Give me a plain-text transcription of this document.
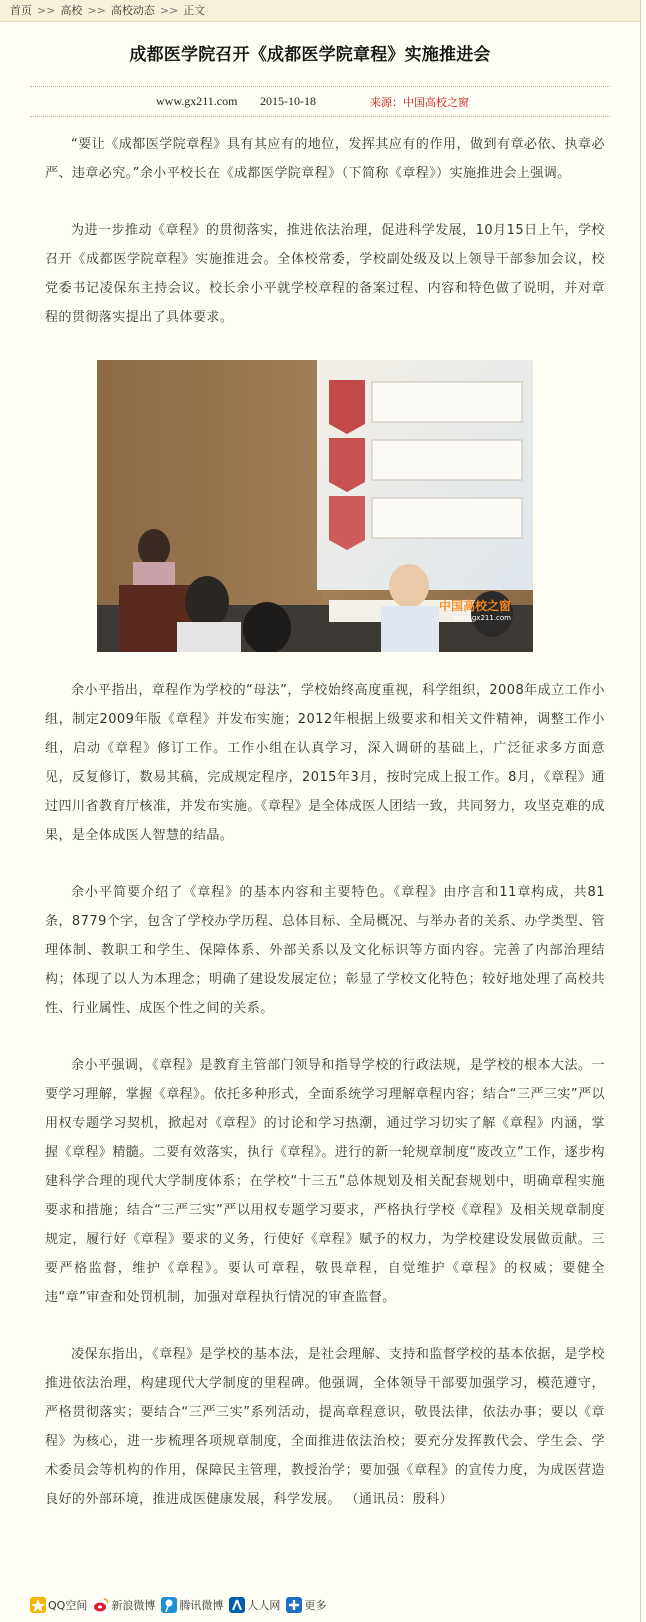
首页 >> 高校 >> 高校动态 >> 正文
成都医学院召开《成都医学院章程》实施推进会
www.gx211.com 2015-10-18	来源：中国高校之窗

“要让《成都医学院章程》具有其应有的地位，发挥其应有的作用，做到有章必依、执章必严、违章必究。”余小平校长在《成都医学院章程》（下简称《章程》）实施推进会上强调。

为进一步推动《章程》的贯彻落实，推进依法治理，促进科学发展，10月15日上午，学校召开《成都医学院章程》实施推进会。全体校常委，学校副处级及以上领导干部参加会议，校党委书记凌保东主持会议。校长余小平就学校章程的备案过程、内容和特色做了说明，并对章程的贯彻落实提出了具体要求。

中国高校之窗
www.gx211.com

余小平指出，章程作为学校的“母法”，学校始终高度重视，科学组织，2008年成立工作小组，制定2009年版《章程》并发布实施；2012年根据上级要求和相关文件精神，调整工作小组，启动《章程》修订工作。工作小组在认真学习，深入调研的基础上，广泛征求多方面意见，反复修订，数易其稿，完成规定程序，2015年3月，按时完成上报工作。8月，《章程》通过四川省教育厅核准，并发布实施。《章程》是全体成医人团结一致，共同努力，攻坚克难的成果，是全体成医人智慧的结晶。

余小平简要介绍了《章程》的基本内容和主要特色。《章程》由序言和11章构成，共81条，8779个字，包含了学校办学历程、总体目标、全局概况、与举办者的关系、办学类型、管理体制、教职工和学生、保障体系、外部关系以及文化标识等方面内容。完善了内部治理结构；体现了以人为本理念；明确了建设发展定位；彰显了学校文化特色；较好地处理了高校共性、行业属性、成医个性之间的关系。

余小平强调，《章程》是教育主管部门领导和指导学校的行政法规，是学校的根本大法。一要学习理解，掌握《章程》。依托多种形式，全面系统学习理解章程内容；结合“三严三实”严以用权专题学习契机，掀起对《章程》的讨论和学习热潮，通过学习切实了解《章程》内涵，掌握《章程》精髓。二要有效落实，执行《章程》。进行的新一轮规章制度“废改立”工作，逐步构建科学合理的现代大学制度体系；在学校“十三五”总体规划及相关配套规划中，明确章程实施要求和措施；结合“三严三实”严以用权专题学习要求，严格执行学校《章程》及相关规章制度规定，履行好《章程》要求的义务，行使好《章程》赋予的权力，为学校建设发展做贡献。三要严格监督，维护《章程》。要认可章程，敬畏章程，自觉维护《章程》的权威；要健全违“章”审查和处罚机制，加强对章程执行情况的审查监督。

凌保东指出，《章程》是学校的基本法，是社会理解、支持和监督学校的基本依据，是学校推进依法治理，构建现代大学制度的里程碑。他强调，全体领导干部要加强学习，模范遵守，严格贯彻落实；要结合“三严三实”系列活动，提高章程意识，敬畏法律，依法办事；要以《章程》为核心，进一步梳理各项规章制度，全面推进依法治校；要充分发挥教代会、学生会、学术委员会等机构的作用，保障民主管理，教授治学；要加强《章程》的宣传力度，为成医营造良好的外部环境，推进成医健康发展，科学发展。 （通讯员：殷科）

QQ空间 新浪微博 腾讯微博 人人网 更多
